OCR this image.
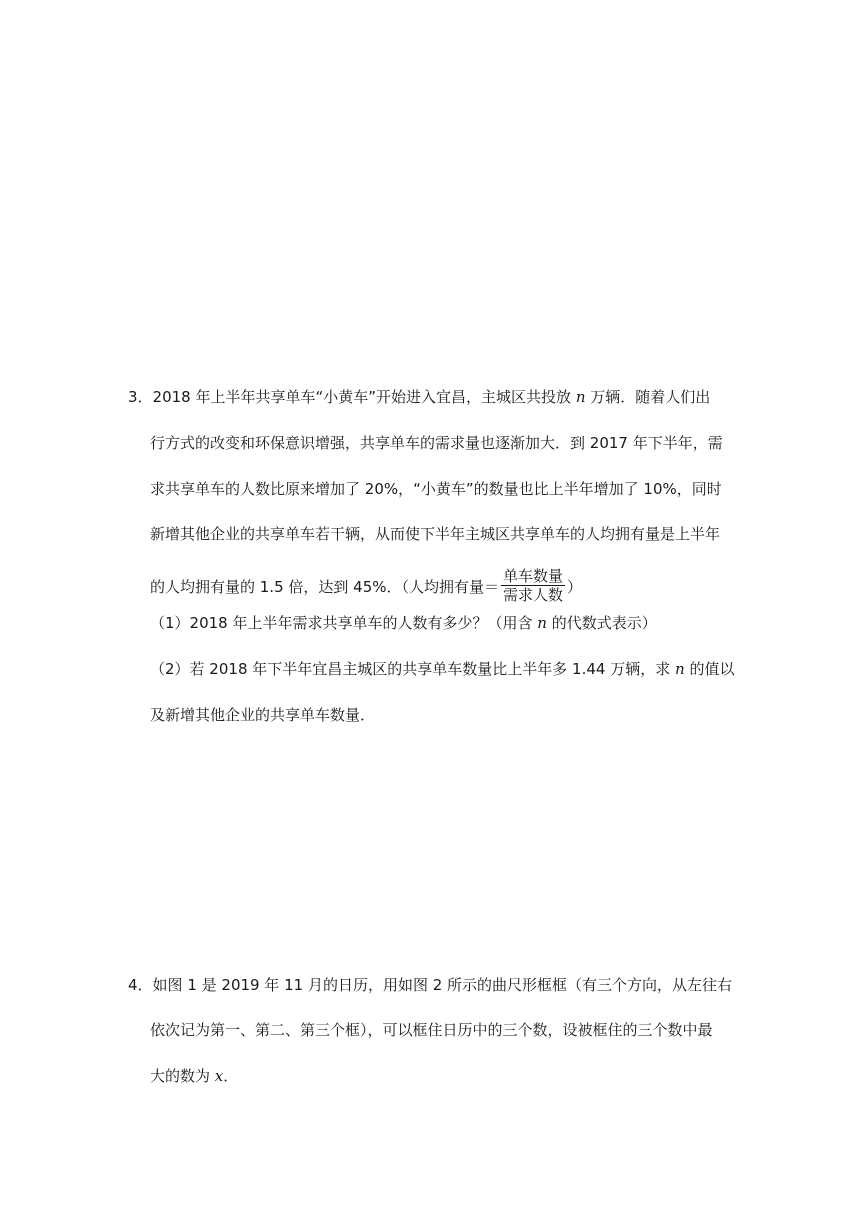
3．2018 年上半年共享单车“小黄车”开始进入宜昌，主城区共投放 n 万辆．随着人们出
行方式的改变和环保意识增强，共享单车的需求量也逐渐加大．到 2017 年下半年，需
求共享单车的人数比原来增加了 20%，“小黄车”的数量也比上半年增加了 10%，同时
新增其他企业的共享单车若干辆，从而使下半年主城区共享单车的人均拥有量是上半年
的人均拥有量的 1.5 倍，达到 45%．（人均拥有量＝ $\frac{\text{单车数量}}{\text{需求人数}}$ ）
（1）2018 年上半年需求共享单车的人数有多少？（用含 n 的代数式表示）
（2）若 2018 年下半年宜昌主城区的共享单车数量比上半年多 1.44 万辆，求 n 的值以
及新增其他企业的共享单车数量．
4．如图 1 是 2019 年 11 月的日历，用如图 2 所示的曲尺形框框（有三个方向，从左往右
依次记为第一、第二、第三个框），可以框住日历中的三个数，设被框住的三个数中最
大的数为 x．
